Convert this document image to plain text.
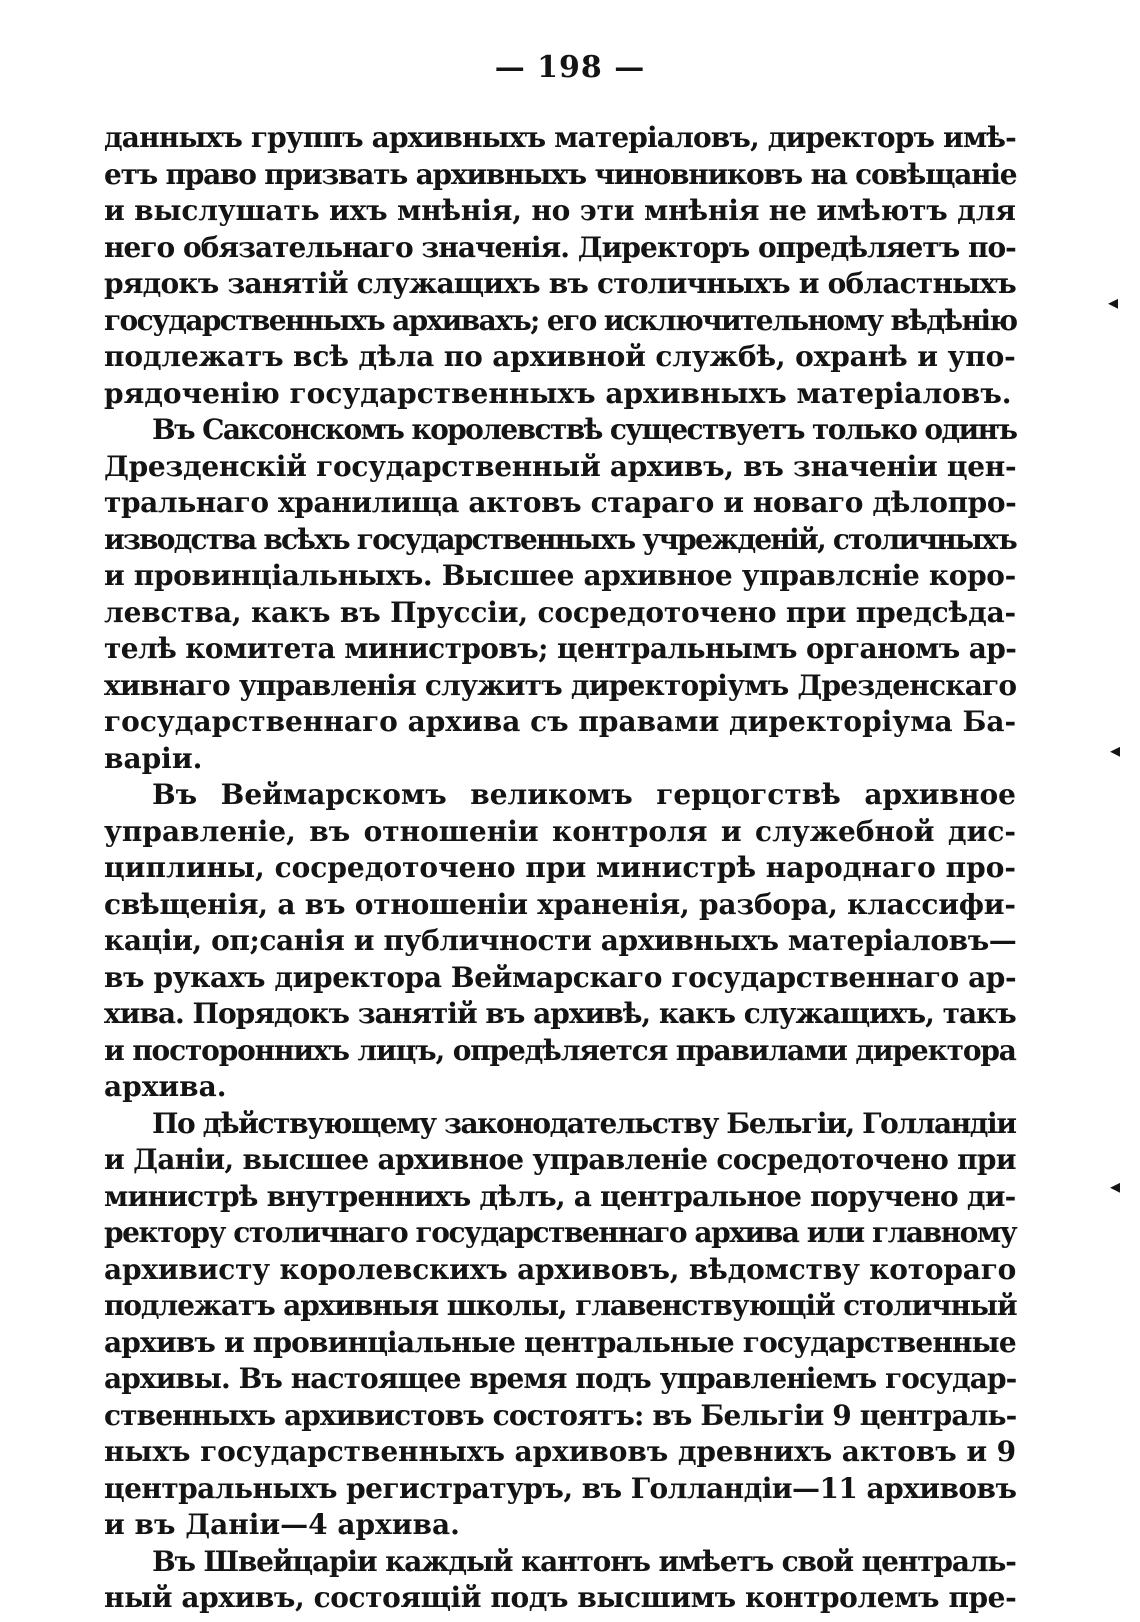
— 198 —
данныхъ группъ архивныхъ матеріаловъ, директоръ имѣ-
етъ право призвать архивныхъ чиновниковъ на совѣщаніе
и выслушать ихъ мнѣнія, но эти мнѣнія не имѣютъ для
него обязательнаго значенія. Директоръ опредѣляетъ по-
рядокъ занятій служащихъ въ столичныхъ и областныхъ
государственныхъ архивахъ; его исключительному вѣдѣнію
подлежатъ всѣ дѣла по архивной службѣ, охранѣ и упо-
рядоченію государственныхъ архивныхъ матеріаловъ.
Въ Саксонскомъ королевствѣ существуетъ только одинъ
Дрезденскій государственный архивъ, въ значеніи цен-
тральнаго хранилища актовъ стараго и новаго дѣлопро-
изводства всѣхъ государственныхъ учрежденій, столичныхъ
и провинціальныхъ. Высшее архивное управлсніе коро-
левства, какъ въ Пруссіи, сосредоточено при предсѣда-
телѣ комитета министровъ; центральнымъ органомъ ар-
хивнаго управленія служитъ директоріумъ Дрезденскаго
государственнаго архива съ правами директоріума Ба-
варіи.
Въ Веймарскомъ великомъ герцогствѣ архивное
управленіе, въ отношеніи контроля и служебной дис-
циплины, сосредоточено при министрѣ народнаго про-
свѣщенія, а въ отношеніи храненія, разбора, классифи-
каціи, оп;санія и публичности архивныхъ матеріаловъ—
въ рукахъ директора Веймарскаго государственнаго ар-
хива. Порядокъ занятій въ архивѣ, какъ служащихъ, такъ
и постороннихъ лицъ, опредѣляется правилами директора
архива.
По дѣйствующему законодательству Бельгіи, Голландіи
и Даніи, высшее архивное управленіе сосредоточено при
министрѣ внутреннихъ дѣлъ, а центральное поручено ди-
ректору столичнаго государственнаго архива или главному
архивисту королевскихъ архивовъ, вѣдомству котораго
подлежатъ архивныя школы, главенствующій столичный
архивъ и провинціальные центральные государственные
архивы. Въ настоящее время подъ управленіемъ государ-
ственныхъ архивистовъ состоятъ: въ Бельгіи 9 централь-
ныхъ государственныхъ архивовъ древнихъ актовъ и 9
центральныхъ регистратуръ, въ Голландіи—11 архивовъ
и въ Даніи—4 архива.
Въ Швейцаріи каждый кантонъ имѣетъ свой централь-
ный архивъ, состоящій подъ высшимъ контролемъ пре-
◂
◂
◂
